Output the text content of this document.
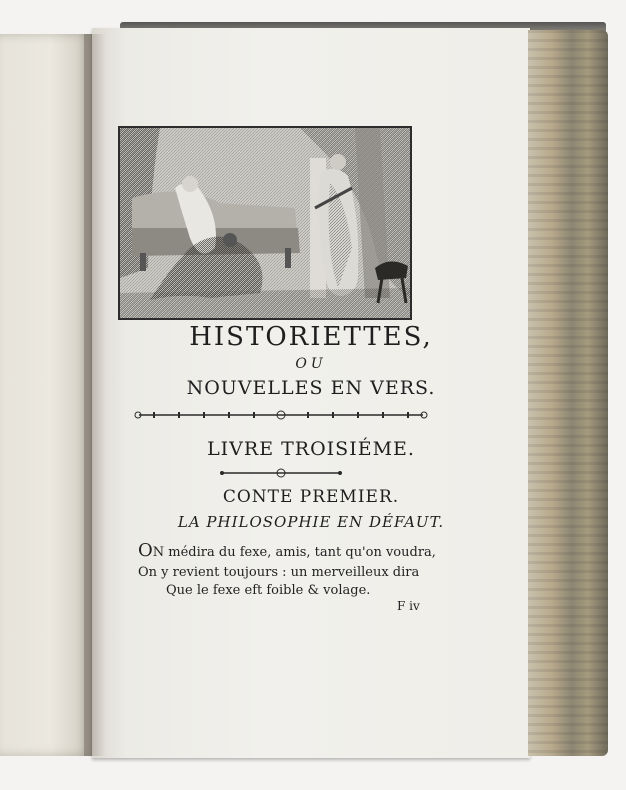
HISTORIETTES,
OU
NOUVELLES EN VERS.
LIVRE TROISIÉME.
CONTE PREMIER.
LA PHILOSOPHIE EN DÉFAUT.
ON médira du fexe, amis, tant qu'on voudra,
On y revient toujours : un merveilleux dira
Que le fexe eft foible & volage.
F iv
